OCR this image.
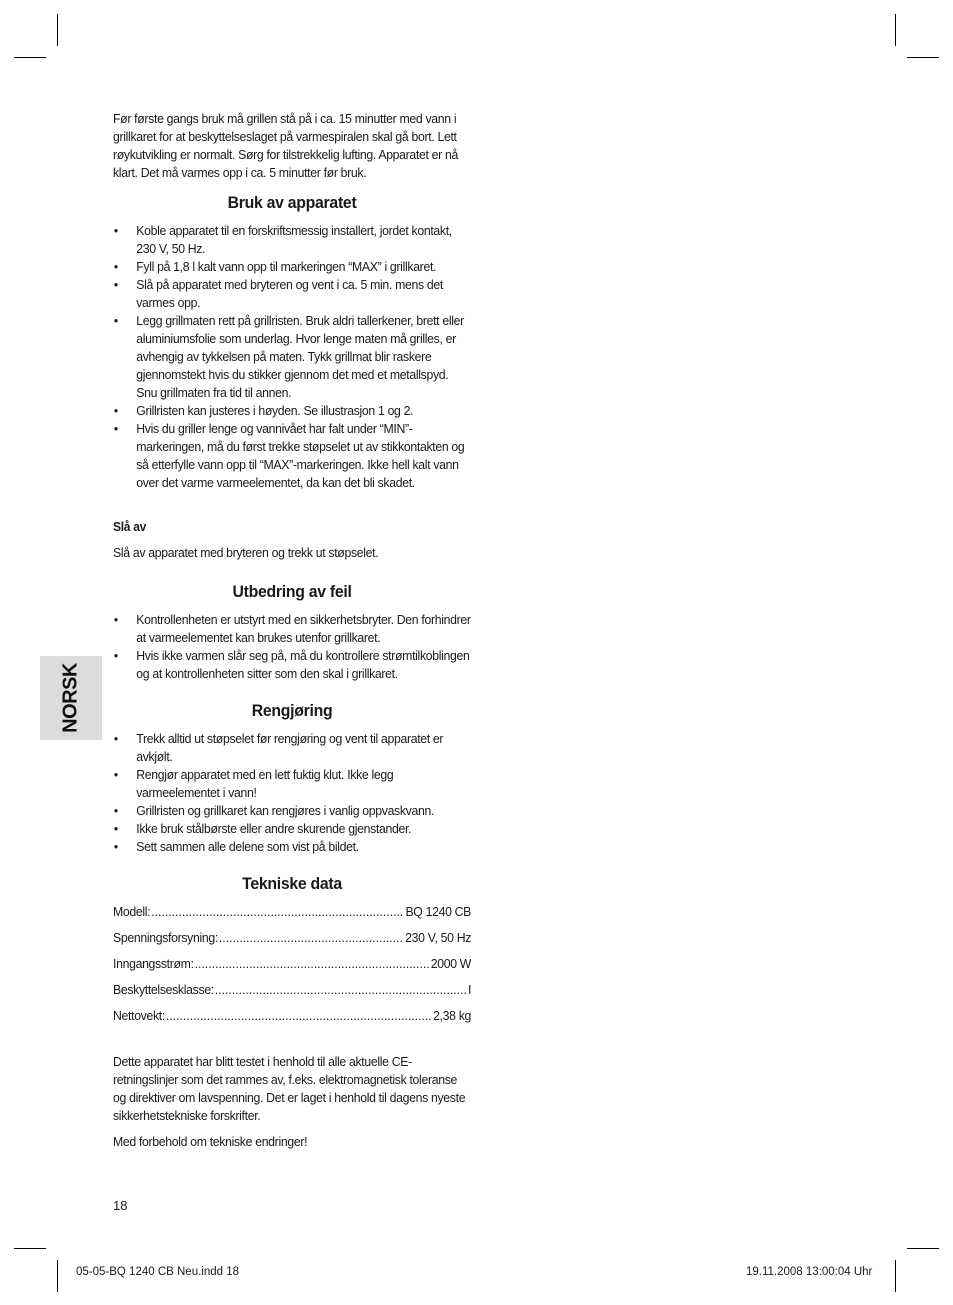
NORSK

Før første gangs bruk må grillen stå på i ca. 15 minutter med vann i grillkaret for at beskyttelseslaget på varmespiralen skal gå bort. Lett røykutvikling er normalt. Sørg for tilstrekkelig lufting. Apparatet er nå klart. Det må varmes opp i ca. 5 minutter før bruk.

Bruk av apparatet
• Koble apparatet til en forskriftsmessig installert, jordet kontakt, 230 V, 50 Hz.
• Fyll på 1,8 l kalt vann opp til markeringen “MAX” i grillkaret.
• Slå på apparatet med bryteren og vent i ca. 5 min. mens det varmes opp.
• Legg grillmaten rett på grillristen. Bruk aldri tallerkener, brett eller aluminiumsfolie som underlag. Hvor lenge maten må grilles, er avhengig av tykkelsen på maten. Tykk grillmat blir raskere gjennomstekt hvis du stikker gjennom det med et metallspyd. Snu grillmaten fra tid til annen.
• Grillristen kan justeres i høyden. Se illustrasjon 1 og 2.
• Hvis du griller lenge og vannivået har falt under “MIN”-markeringen, må du først trekke støpselet ut av stikkontakten og så etterfylle vann opp til “MAX”-markeringen. Ikke hell kalt vann over det varme varmeelementet, da kan det bli skadet.
Slå av

Slå av apparatet med bryteren og trekk ut støpselet.

Utbedring av feil
• Kontrollenheten er utstyrt med en sikkerhetsbryter. Den forhindrer at varmeelementet kan brukes utenfor grillkaret.
• Hvis ikke varmen slår seg på, må du kontrollere strømtilkoblingen og at kontrollenheten sitter som den skal i grillkaret.
Rengjøring
• Trekk alltid ut støpselet før rengjøring og vent til apparatet er avkjølt.
• Rengjør apparatet med en lett fuktig klut. Ikke legg varmeelementet i vann!
• Grillristen og grillkaret kan rengjøres i vanlig oppvaskvann.
• Ikke bruk stålbørste eller andre skurende gjenstander.
• Sett sammen alle delene som vist på bildet.
Tekniske data
Modell: .....	BQ 1240 CB
Spenningsforsyning: .....	230 V, 50 Hz
Inngangsstrøm: .....	2000 W
Beskyttelsesklasse: .....	I
Nettovekt: .....	2,38 kg

Dette apparatet har blitt testet i henhold til alle aktuelle CE-retningslinjer som det rammes av, f.eks. elektromagnetisk toleranse og direktiver om lavspenning. Det er laget i henhold til dagens nyeste sikkerhetstekniske forskrifter.

Med forbehold om tekniske endringer!

18
05-05-BQ 1240 CB Neu.indd 18	19.11.2008 13:00:04 Uhr
